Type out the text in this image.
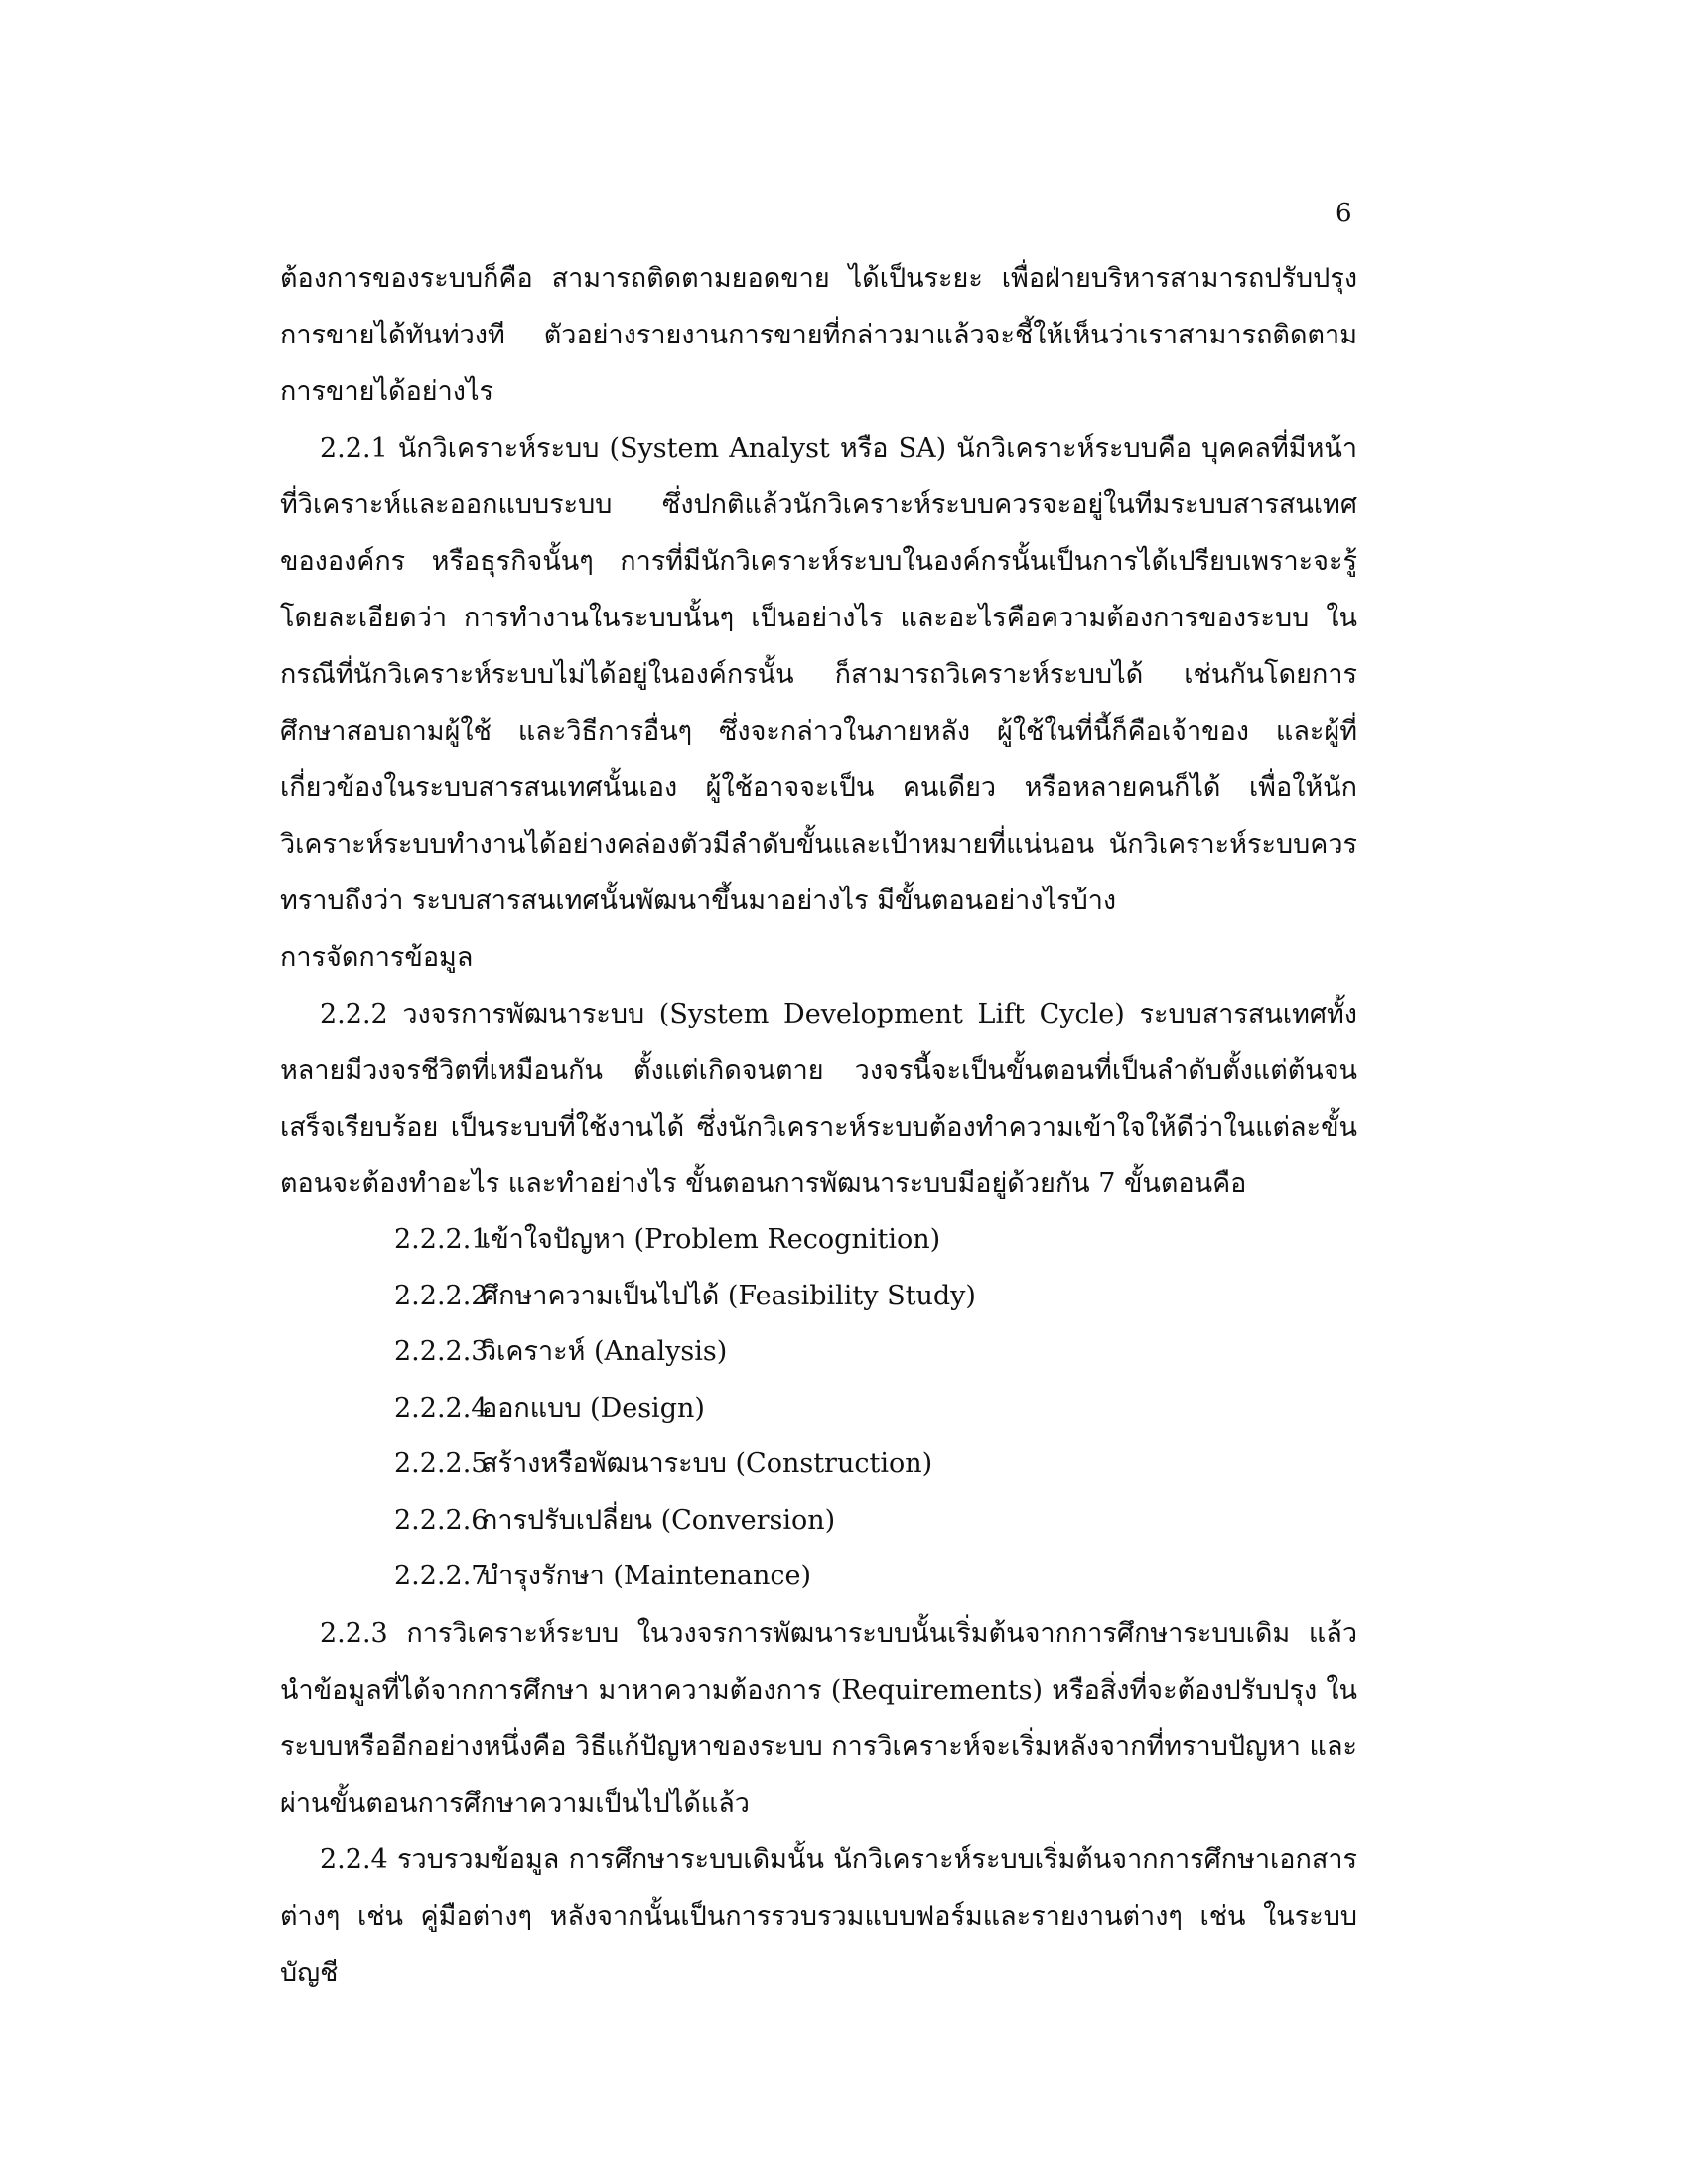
6

ต้องการของระบบก็คือ สามารถติดตามยอดขาย ได้เป็นระยะ เพื่อฝ่ายบริหารสามารถปรับปรุงการขายได้ทันท่วงที ตัวอย่างรายงานการขายที่กล่าวมาแล้วจะชี้ให้เห็นว่าเราสามารถติดตามการขายได้อย่างไร

2.2.1 นักวิเคราะห์ระบบ (System Analyst หรือ SA) นักวิเคราะห์ระบบคือ บุคคลที่มีหน้าที่วิเคราะห์และออกแบบระบบ ซึ่งปกติแล้วนักวิเคราะห์ระบบควรจะอยู่ในทีมระบบสารสนเทศขององค์กร หรือธุรกิจนั้นๆ การที่มีนักวิเคราะห์ระบบในองค์กรนั้นเป็นการได้เปรียบเพราะจะรู้โดยละเอียดว่า การทำงานในระบบนั้นๆ เป็นอย่างไร และอะไรคือความต้องการของระบบ ในกรณีที่นักวิเคราะห์ระบบไม่ได้อยู่ในองค์กรนั้น ก็สามารถวิเคราะห์ระบบได้ เช่นกันโดยการศึกษาสอบถามผู้ใช้ และวิธีการอื่นๆ ซึ่งจะกล่าวในภายหลัง ผู้ใช้ในที่นี้ก็คือเจ้าของ และผู้ที่เกี่ยวข้องในระบบสารสนเทศนั้นเอง ผู้ใช้อาจจะเป็น คนเดียว หรือหลายคนก็ได้ เพื่อให้นักวิเคราะห์ระบบทำงานได้อย่างคล่องตัวมีลำดับขั้นและเป้าหมายที่แน่นอน นักวิเคราะห์ระบบควรทราบถึงว่า ระบบสารสนเทศนั้นพัฒนาขึ้นมาอย่างไร มีขั้นตอนอย่างไรบ้าง

การจัดการข้อมูล

2.2.2 วงจรการพัฒนาระบบ (System Development Lift Cycle) ระบบสารสนเทศทั้งหลายมีวงจรชีวิตที่เหมือนกัน ตั้งแต่เกิดจนตาย วงจรนี้จะเป็นขั้นตอนที่เป็นลำดับตั้งแต่ต้นจนเสร็จเรียบร้อย เป็นระบบที่ใช้งานได้ ซึ่งนักวิเคราะห์ระบบต้องทำความเข้าใจให้ดีว่าในแต่ละขั้นตอนจะต้องทำอะไร และทำอย่างไร ขั้นตอนการพัฒนาระบบมีอยู่ด้วยกัน 7 ขั้นตอนคือ

2.2.2.1เข้าใจปัญหา (Problem Recognition)
2.2.2.2ศึกษาความเป็นไปได้ (Feasibility Study)
2.2.2.3วิเคราะห์ (Analysis)
2.2.2.4ออกแบบ (Design)
2.2.2.5สร้างหรือพัฒนาระบบ (Construction)
2.2.2.6การปรับเปลี่ยน (Conversion)
2.2.2.7บำรุงรักษา (Maintenance)

2.2.3 การวิเคราะห์ระบบ ในวงจรการพัฒนาระบบนั้นเริ่มต้นจากการศึกษาระบบเดิม แล้วนำข้อมูลที่ได้จากการศึกษา มาหาความต้องการ (Requirements) หรือสิ่งที่จะต้องปรับปรุง ในระบบหรืออีกอย่างหนึ่งคือ วิธีแก้ปัญหาของระบบ การวิเคราะห์จะเริ่มหลังจากที่ทราบปัญหา และผ่านขั้นตอนการศึกษาความเป็นไปได้แล้ว

2.2.4 รวบรวมข้อมูล การศึกษาระบบเดิมนั้น นักวิเคราะห์ระบบเริ่มต้นจากการศึกษาเอกสารต่างๆ เช่น คู่มือต่างๆ หลังจากนั้นเป็นการรวบรวมแบบฟอร์มและรายงานต่างๆ เช่น ในระบบบัญชี
